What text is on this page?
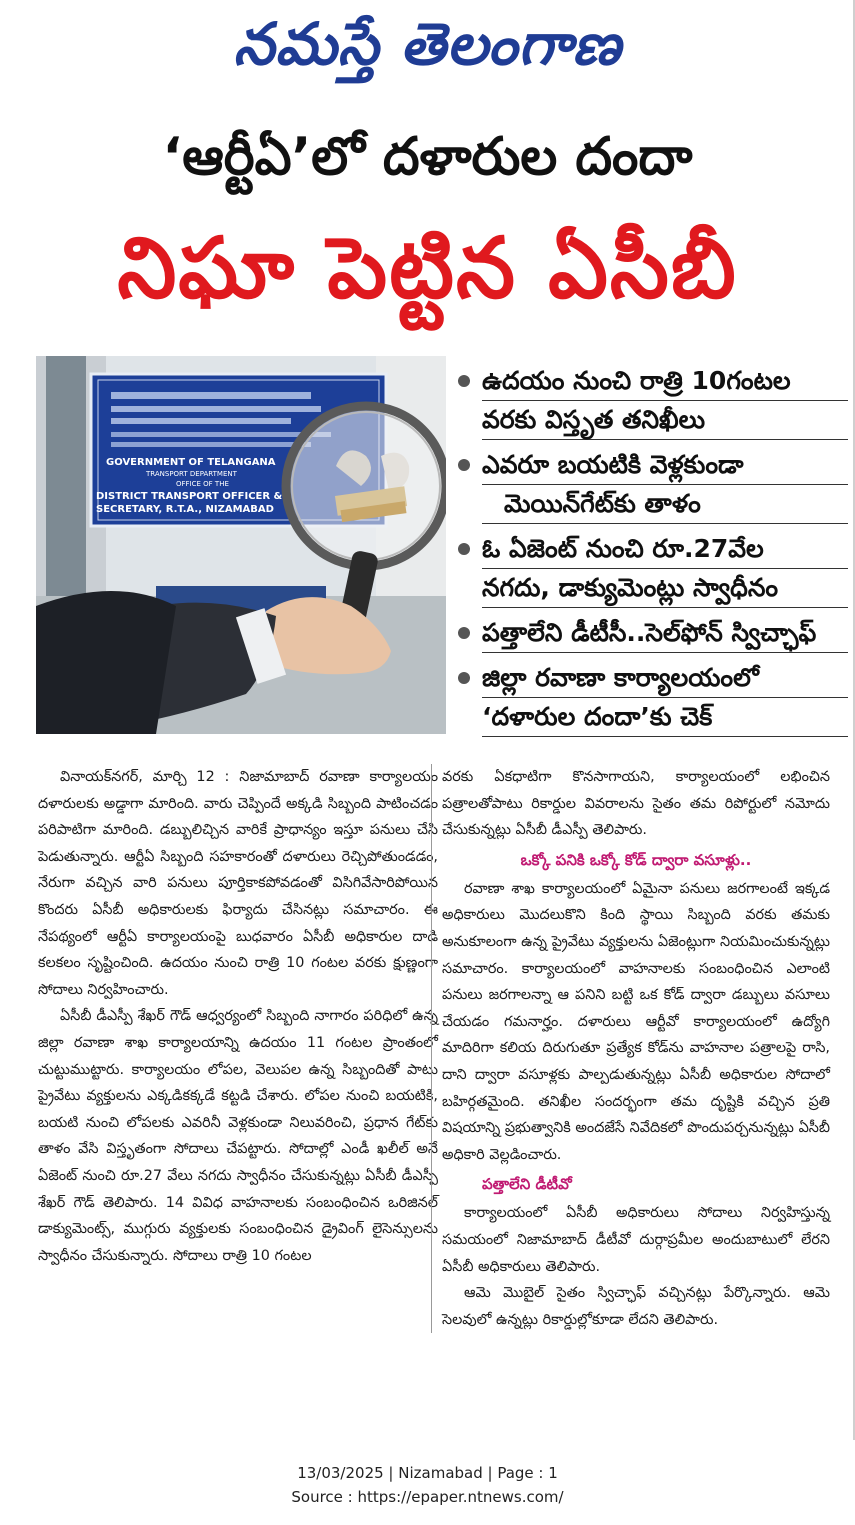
నమస్తే తెలంగాణ
‘ఆర్టీఏ’లో దళారుల దందా
నిఘా పెట్టిన ఏసీబీ
GOVERNMENT OF TELANGANA
TRANSPORT DEPARTMENT
OFFICE OF THE
DISTRICT TRANSPORT OFFICER &
SECRETARY, R.T.A., NIZAMABAD
ఉదయం నుంచి రాత్రి 10గంటల
వరకు విస్తృత తనిఖీలు
ఎవరూ బయటికి వెళ్లకుండా
మెయిన్‌గేట్‌కు తాళం
ఓ ఏజెంట్ నుంచి రూ.27వేల
నగదు, డాక్యుమెంట్లు స్వాధీనం
పత్తాలేని డీటీసీ..సెల్‌ఫోన్ స్విచ్ఛాఫ్
జిల్లా రవాణా కార్యాలయంలో
‘దళారుల దందా’కు చెక్

వినాయక్‌నగర్, మార్చి 12 : నిజామాబాద్ రవాణా కార్యాలయం దళారులకు అడ్డాగా మారింది. వారు చెప్పిందే అక్కడి సిబ్బంది పాటించడం పరిపాటిగా మారింది. డబ్బులిచ్చిన వారికే ప్రాధాన్యం ఇస్తూ పనులు చేసి పెడుతున్నారు. ఆర్టీఏ సిబ్బంది సహకారంతో దళారులు రెచ్చిపోతుండడం, నేరుగా వచ్చిన వారి పనులు పూర్తికాకపోవడంతో విసిగివేసారిపోయిన కొందరు ఏసీబీ అధికారులకు ఫిర్యాదు చేసినట్లు సమాచారం. ఈ నేపథ్యంలో ఆర్టీఏ కార్యాలయంపై బుధవారం ఏసీబీ అధికారుల దాడి కలకలం సృష్టించింది. ఉదయం నుంచి రాత్రి 10 గంటల వరకు క్షుణ్ణంగా సోదాలు నిర్వహించారు.

ఏసీబీ డీఎస్పీ శేఖర్ గౌడ్ ఆధ్వర్యంలో సిబ్బంది నాగారం పరిధిలో ఉన్న జిల్లా రవాణా శాఖ కార్యాలయాన్ని ఉదయం 11 గంటల ప్రాంతంలో చుట్టుముట్టారు. కార్యాలయం లోపల, వెలుపల ఉన్న సిబ్బందితో పాటు ప్రైవేటు వ్యక్తులను ఎక్కడికక్కడే కట్టడి చేశారు. లోపల నుంచి బయటికి, బయటి నుంచి లోపలకు ఎవరినీ వెళ్లకుండా నిలువరించి, ప్రధాన గేట్‌కు తాళం వేసి విస్తృతంగా సోదాలు చేపట్టారు. సోదాల్లో ఎండీ ఖలీల్ అనే ఏజెంట్ నుంచి రూ.27 వేలు నగదు స్వాధీనం చేసుకున్నట్లు ఏసీబీ డీఎస్పీ శేఖర్ గౌడ్ తెలిపారు. 14 వివిధ వాహనాలకు సంబంధించిన ఒరిజినల్ డాక్యుమెంట్స్, ముగ్గురు వ్యక్తులకు సంబంధించిన డ్రైవింగ్ లైసెన్సులను స్వాధీనం చేసుకున్నారు. సోదాలు రాత్రి 10 గంటల

వరకు ఏకధాటిగా కొనసాగాయని, కార్యాలయంలో లభించిన పత్రాలతోపాటు రికార్డుల వివరాలను సైతం తమ రిపోర్టులో నమోదు చేసుకున్నట్లు ఏసీబీ డీఎస్పీ తెలిపారు.

ఒక్కో పనికి ఒక్కో కోడ్ ద్వారా వసూళ్లు..

రవాణా శాఖ కార్యాలయంలో ఏమైనా పనులు జరగాలంటే ఇక్కడ అధికారులు మొదలుకొని కింది స్థాయి సిబ్బంది వరకు తమకు అనుకూలంగా ఉన్న ప్రైవేటు వ్యక్తులను ఏజెంట్లుగా నియమించుకున్నట్లు సమాచారం. కార్యాలయంలో వాహనాలకు సంబంధించిన ఎలాంటి పనులు జరగాలన్నా ఆ పనిని బట్టి ఒక కోడ్ ద్వారా డబ్బులు వసూలు చేయడం గమనార్హం. దళారులు ఆర్టీవో కార్యాలయంలో ఉద్యోగి మాదిరిగా కలియ దిరుగుతూ ప్రత్యేక కోడ్‌ను వాహనాల పత్రాలపై రాసి, దాని ద్వారా వసూళ్లకు పాల్పడుతున్నట్లు ఏసీబీ అధికారుల సోదాలో బహిర్గతమైంది. తనిఖీల సందర్భంగా తమ దృష్టికి వచ్చిన ప్రతి విషయాన్ని ప్రభుత్వానికి అందజేసే నివేదికలో పొందుపర్చనున్నట్లు ఏసీబీ అధికారి వెల్లడించారు.

పత్తాలేని డీటీవో

కార్యాలయంలో ఏసీబీ అధికారులు సోదాలు నిర్వహిస్తున్న సమయంలో నిజామాబాద్ డీటీవో దుర్గాప్రమీల అందుబాటులో లేరని ఏసీబీ అధికారులు తెలిపారు.

ఆమె మొబైల్ సైతం స్విచ్ఛాఫ్ వచ్చినట్లు పేర్కొన్నారు. ఆమె సెలవులో ఉన్నట్లు రికార్డుల్లోకూడా లేదని తెలిపారు.

13/03/2025 | Nizamabad | Page : 1
Source : https://epaper.ntnews.com/
